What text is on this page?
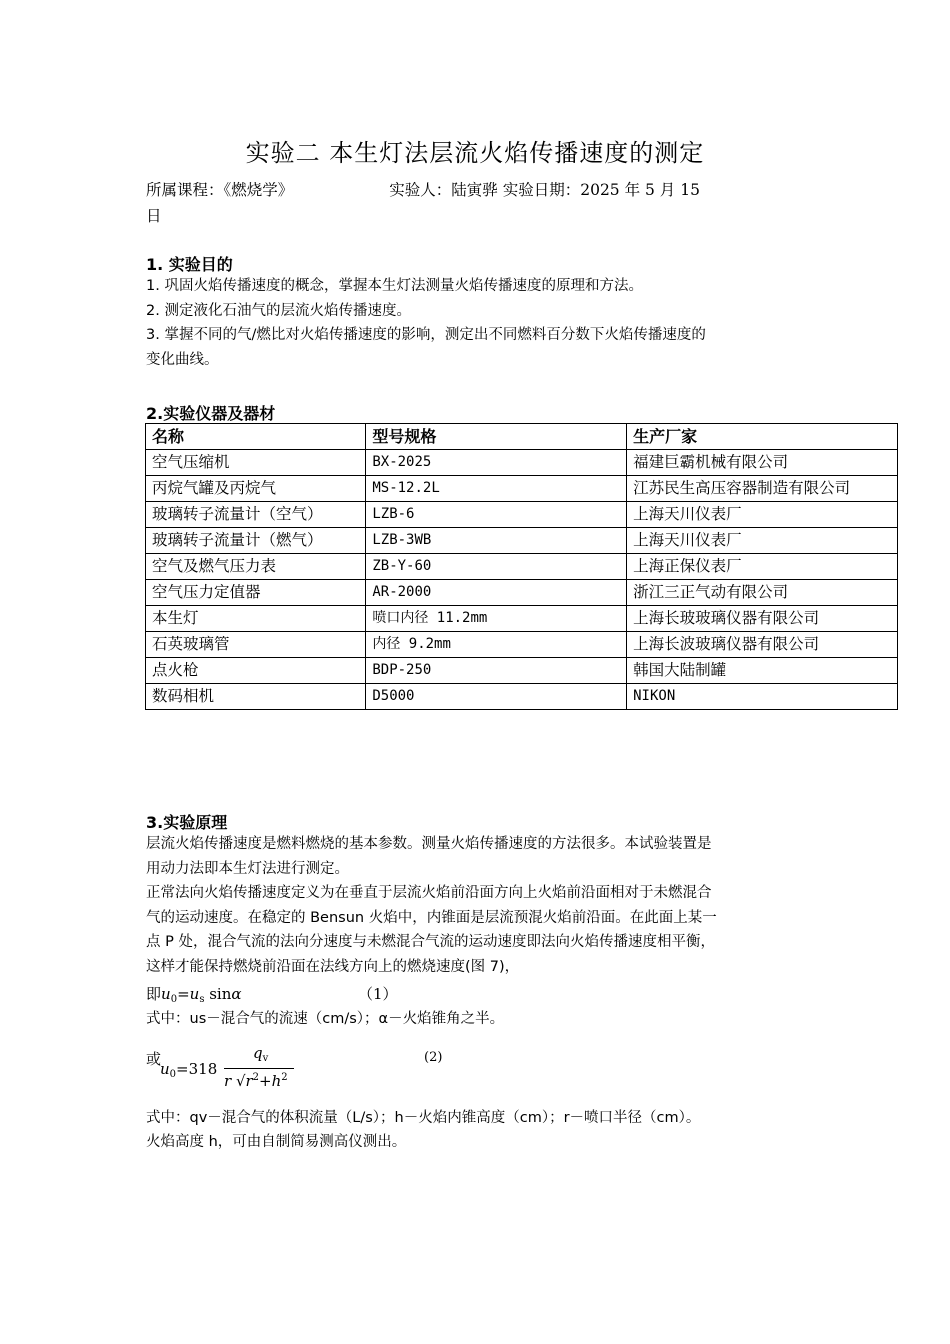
实验二 本生灯法层流火焰传播速度的测定
所属课程：《燃烧学》	实验人：陆寅骅 实验日期：2025 年 5 月 15
日
1. 实验目的
1. 巩固火焰传播速度的概念，掌握本生灯法测量火焰传播速度的原理和方法。
2. 测定液化石油气的层流火焰传播速度。
3. 掌握不同的气/燃比对火焰传播速度的影响，测定出不同燃料百分数下火焰传播速度的
变化曲线。
2.实验仪器及器材
名称	型号规格	生产厂家
空气压缩机	BX-2025	福建巨霸机械有限公司
丙烷气罐及丙烷气	MS-12.2L	江苏民生高压容器制造有限公司
玻璃转子流量计（空气）	LZB-6	上海天川仪表厂
玻璃转子流量计（燃气）	LZB-3WB	上海天川仪表厂
空气及燃气压力表	ZB-Y-60	上海正保仪表厂
空气压力定值器	AR-2000	浙江三正气动有限公司
本生灯	喷口内径 11.2mm	上海长玻玻璃仪器有限公司
石英玻璃管	内径 9.2mm	上海长波玻璃仪器有限公司
点火枪	BDP-250	韩国大陆制罐
数码相机	D5000	NIKON
3.实验原理
层流火焰传播速度是燃料燃烧的基本参数。测量火焰传播速度的方法很多。本试验装置是
用动力法即本生灯法进行测定。
正常法向火焰传播速度定义为在垂直于层流火焰前沿面方向上火焰前沿面相对于未燃混合
气的运动速度。在稳定的 Bensun 火焰中，内锥面是层流预混火焰前沿面。在此面上某一
点 P 处，混合气流的法向分速度与未燃混合气流的运动速度即法向火焰传播速度相平衡，
这样才能保持燃烧前沿面在法线方向上的燃烧速度(图 7)，
即$u_0=u_s$ sinα	（1）
式中：us－混合气的流速（cm/s）；α－火焰锥角之半。
或
$u_0=318$
$q_v$
r $√r^2+h^2$
(2)
式中：qv－混合气的体积流量（L/s）；h－火焰内锥高度（cm）；r－喷口半径（cm）。
火焰高度 h，可由自制简易测高仪测出。
